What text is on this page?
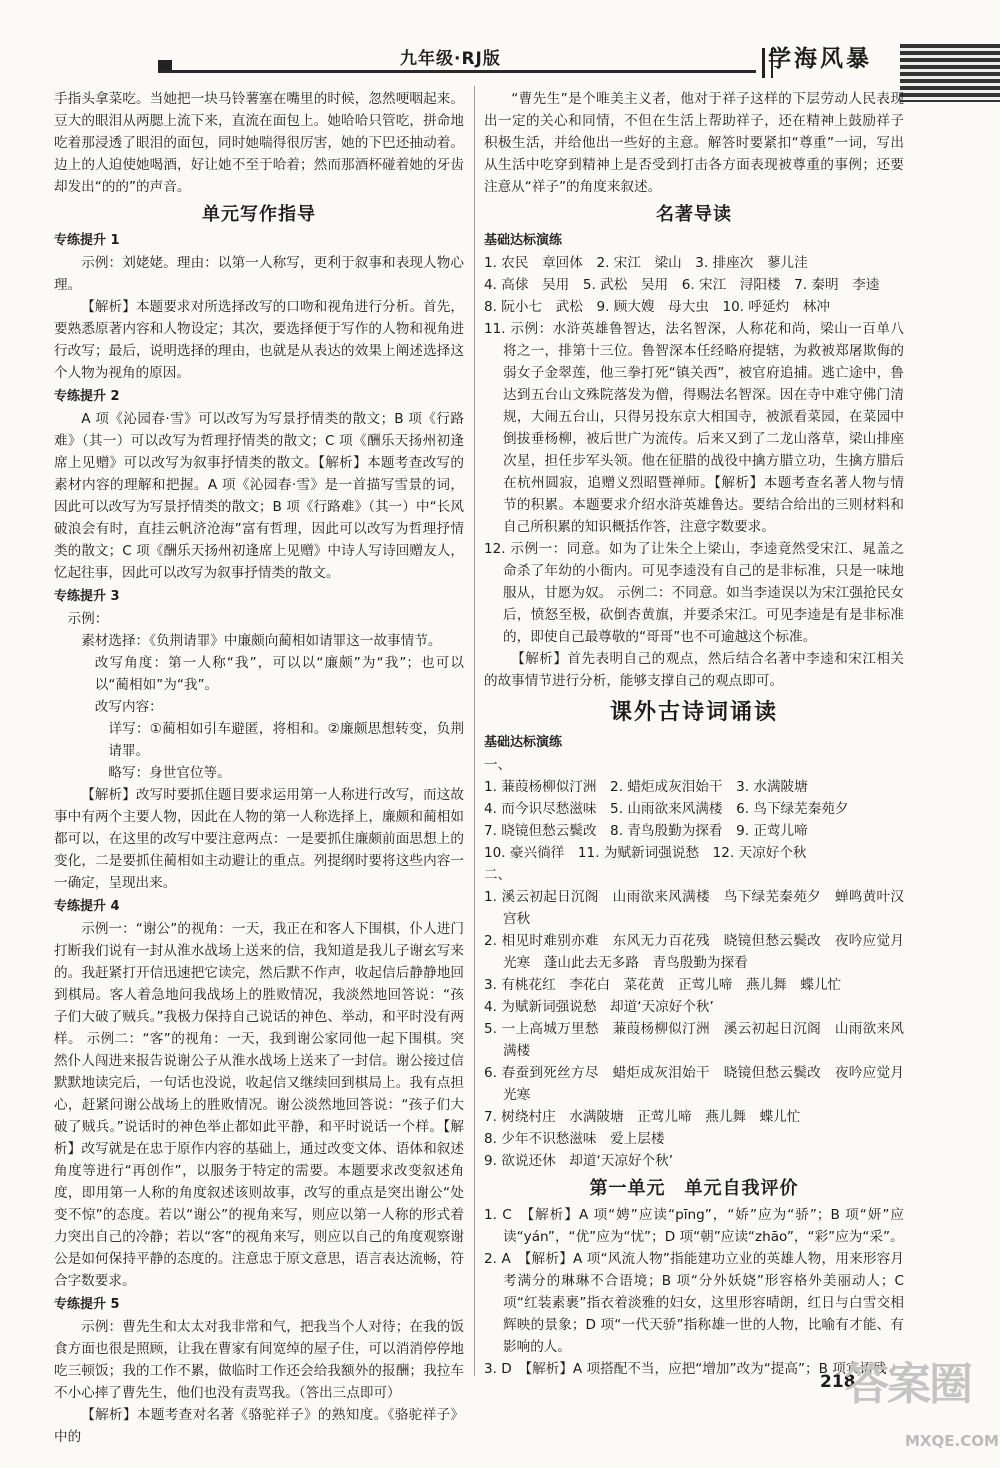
九年级·RJ版	学海风暴

手指头拿菜吃。当她把一块马铃薯塞在嘴里的时候，忽然哽咽起来。豆大的眼泪从两腮上流下来，直流在面包上。她哈哈只管吃，拼命地吃着那浸透了眼泪的面包，同时她喘得很厉害，她的下巴还抽动着。边上的人迫使她喝酒，好让她不至于哈着；然而那酒杯碰着她的牙齿却发出“的的”的声音。

单元写作指导
专练提升 1

示例：刘姥姥。理由：以第一人称写，更利于叙事和表现人物心理。

【解析】本题要求对所选择改写的口吻和视角进行分析。首先，要熟悉原著内容和人物设定；其次，要选择便于写作的人物和视角进行改写；最后，说明选择的理由，也就是从表达的效果上阐述选择这个人物为视角的原因。

专练提升 2

A 项《沁园春·雪》可以改写为写景抒情类的散文；B 项《行路难》（其一）可以改写为哲理抒情类的散文；C 项《酬乐天扬州初逢席上见赠》可以改写为叙事抒情类的散文。【解析】本题考查改写的素材内容的理解和把握。A 项《沁园春·雪》是一首描写雪景的词，因此可以改写为写景抒情类的散文；B 项《行路难》（其一）中“长风破浪会有时，直挂云帆济沧海”富有哲理，因此可以改写为哲理抒情类的散文；C 项《酬乐天扬州初逢席上见赠》中诗人写诗回赠友人，忆起往事，因此可以改写为叙事抒情类的散文。

专练提升 3

示例：

素材选择：《负荆请罪》中廉颇向蔺相如请罪这一故事情节。

改写角度：第一人称“我”，可以以“廉颇”为“我”；也可以以“蔺相如”为“我”。

改写内容：

详写：①蔺相如引车避匿，将相和。②廉颇思想转变，负荆请罪。

略写：身世官位等。

【解析】改写时要抓住题目要求运用第一人称进行改写，而这故事中有两个主要人物，因此在人物的第一人称选择上，廉颇和蔺相如都可以，在这里的改写中要注意两点：一是要抓住廉颇前面思想上的变化，二是要抓住蔺相如主动避让的重点。列提纲时要将这些内容一一确定，呈现出来。

专练提升 4

示例一：“谢公”的视角：一天，我正在和客人下围棋，仆人进门打断我们说有一封从淮水战场上送来的信，我知道是我儿子谢玄写来的。我赶紧打开信迅速把它读完，然后默不作声，收起信后静静地回到棋局。客人着急地问我战场上的胜败情况，我淡然地回答说：“孩子们大破了贼兵。”我极力保持自己说话的神色、举动，和平时没有两样。 示例二：“客”的视角：一天，我到谢公家同他一起下围棋。突然仆人闯进来报告说谢公子从淮水战场上送来了一封信。谢公接过信默默地读完后，一句话也没说，收起信又继续回到棋局上。我有点担心，赶紧问谢公战场上的胜败情况。谢公淡然地回答说：“孩子们大破了贼兵。”说话时的神色举止都如此平静，和平时说话一个样。【解析】改写就是在忠于原作内容的基础上，通过改变文体、语体和叙述角度等进行“再创作”，以服务于特定的需要。本题要求改变叙述角度，即用第一人称的角度叙述该则故事，改写的重点是突出谢公“处变不惊”的态度。若以“谢公”的视角来写，则应以第一人称的形式着力突出自己的冷静；若以“客”的视角来写，则应以自己的角度观察谢公是如何保持平静的态度的。注意忠于原文意思，语言表达流畅，符合字数要求。

专练提升 5

示例：曹先生和太太对我非常和气，把我当个人对待；在我的饭食方面也很是照顾，让我在曹家有间宽绰的屋子住，可以消消停停地吃三顿饭；我的工作不累，做临时工作还会给我额外的报酬；我拉车不小心摔了曹先生，他们也没有责骂我。（答出三点即可）

【解析】本题考查对名著《骆驼祥子》的熟知度。《骆驼祥子》中的

“曹先生”是个唯美主义者，他对于祥子这样的下层劳动人民表现出一定的关心和同情，不但在生活上帮助祥子，还在精神上鼓励祥子积极生活，并给他出一些好的主意。解答时要紧扣“尊重”一词，写出从生活中吃穿到精神上是否受到打击各方面表现被尊重的事例；还要注意从“祥子”的角度来叙述。

名著导读
基础达标演练

1. 农民　章回体　2. 宋江　梁山　3. 排座次　蓼儿洼

4. 高俅　吴用　5. 武松　吴用　6. 宋江　浔阳楼　7. 秦明　李逵

8. 阮小七　武松　9. 顾大嫂　母大虫　10. 呼延灼　林冲

11. 示例：水浒英雄鲁智达，法名智深，人称花和尚，梁山一百单八将之一，排第十三位。鲁智深本任经略府提辖，为救被郑屠欺侮的弱女子金翠莲，他三拳打死“镇关西”，被官府追捕。逃亡途中，鲁达到五台山文殊院落发为僧，得赐法名智深。因在寺中难守佛门清规，大闹五台山，只得另投东京大相国寺，被派看菜园，在菜园中倒拔垂杨柳，被后世广为流传。后来又到了二龙山落草，梁山排座次星，担任步军头领。他在征腊的战役中擒方腊立功，生擒方腊后在杭州圆寂，追赠义烈昭暨禅师。【解析】本题考查名著人物与情节的积累。本题要求介绍水浒英雄鲁达。要结合给出的三则材料和自己所积累的知识概括作答，注意字数要求。

12. 示例一：同意。如为了让朱仝上梁山，李逵竟然受宋江、晁盖之命杀了年幼的小衙内。可见李逵没有自己的是非标准，只是一味地服从，甘愿为奴。 示例二：不同意。如当李逵误以为宋江强抢民女后，愤怒至极，砍倒杏黄旗，并要杀宋江。可见李逵是有是非标准的，即使自己最尊敬的“哥哥”也不可逾越这个标准。

【解析】首先表明自己的观点，然后结合名著中李逵和宋江相关的故事情节进行分析，能够支撑自己的观点即可。

课外古诗词诵读
基础达标演练

一、

1. 蒹葭杨柳似汀洲　2. 蜡炬成灰泪始干　3. 水满陂塘

4. 而今识尽愁滋味　5. 山雨欲来风满楼　6. 鸟下绿芜秦苑夕

7. 晓镜但愁云鬓改　8. 青鸟殷勤为探看　9. 正莺儿啼

10. 豪兴徜徉　11. 为赋新词强说愁　12. 天凉好个秋

二、

1. 溪云初起日沉阁　山雨欲来风满楼　鸟下绿芜秦苑夕　蝉鸣黄叶汉宫秋

2. 相见时难别亦难　东风无力百花残　晓镜但愁云鬓改　夜吟应觉月光寒　蓬山此去无多路　青鸟殷勤为探看

3. 有桃花红　李花白　菜花黄　正莺儿啼　燕儿舞　蝶儿忙

4. 为赋新词强说愁　却道‘天凉好个秋’

5. 一上高城万里愁　蒹葭杨柳似汀洲　溪云初起日沉阁　山雨欲来风满楼

6. 春蚕到死丝方尽　蜡炬成灰泪始干　晓镜但愁云鬓改　夜吟应觉月光寒

7. 树绕村庄　水满陂塘　正莺儿啼　燕儿舞　蝶儿忙

8. 少年不识愁滋味　爱上层楼

9. 欲说还休　却道‘天凉好个秋’

第一单元　单元自我评价

1. C　【解析】A 项“娉”应读“pīng”，“娇”应为“骄”；B 项“妍”应读“yán”，“优”应为“忧”；D 项“朝”应读“zhāo”，“彩”应为“采”。

2. A　【解析】A 项“风流人物”指能建功立业的英雄人物，用来形容月考满分的琳琳不合语境；B 项“分外妖娆”形容格外美丽动人；C 项“红装素裹”指衣着淡雅的妇女，这里形容晴朗，红日与白雪交相辉映的景象；D 项“一代天骄”指称雄一世的人物，比喻有才能、有影响的人。

3. D　【解析】A 项搭配不当，应把“增加”改为“提高”；B 项宾语残

218
答案圈
MXQE.COM
